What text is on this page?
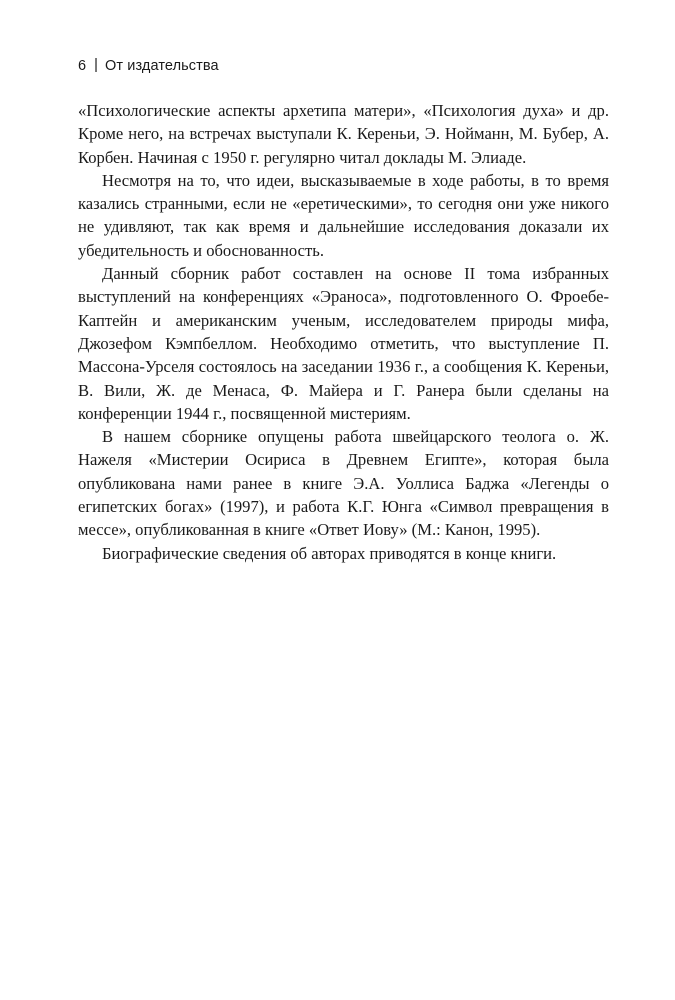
6 | От издательства

«Психологические аспекты архетипа матери», «Психология духа» и др. Кроме него, на встречах выступали К. Кереньи, Э. Нойманн, М. Бубер, А. Корбен. Начиная с 1950 г. регулярно читал доклады М. Элиаде.

Несмотря на то, что идеи, высказываемые в ходе работы, в то время казались странными, если не «еретическими», то сегодня они уже никого не удивляют, так как время и дальнейшие исследования доказали их убедительность и обоснованность.

Данный сборник работ составлен на основе II тома избранных выступлений на конференциях «Эраноса», подготовленного О. Фроебе-Каптейн и американским ученым, исследователем природы мифа, Джозефом Кэмпбеллом. Необходимо отметить, что выступление П. Массона-Урселя состоялось на заседании 1936 г., а сообщения К. Кереньи, В. Вили, Ж. де Менаса, Ф. Майера и Г. Ранера были сделаны на конференции 1944 г., посвященной мистериям.

В нашем сборнике опущены работа швейцарского теолога о. Ж. Нажеля «Мистерии Осириса в Древнем Египте», которая была опубликована нами ранее в книге Э.А. Уоллиса Баджа «Легенды о египетских богах» (1997), и работа К.Г. Юнга «Символ превращения в мессе», опубликованная в книге «Ответ Иову» (М.: Канон, 1995).

Биографические сведения об авторах приводятся в конце книги.
